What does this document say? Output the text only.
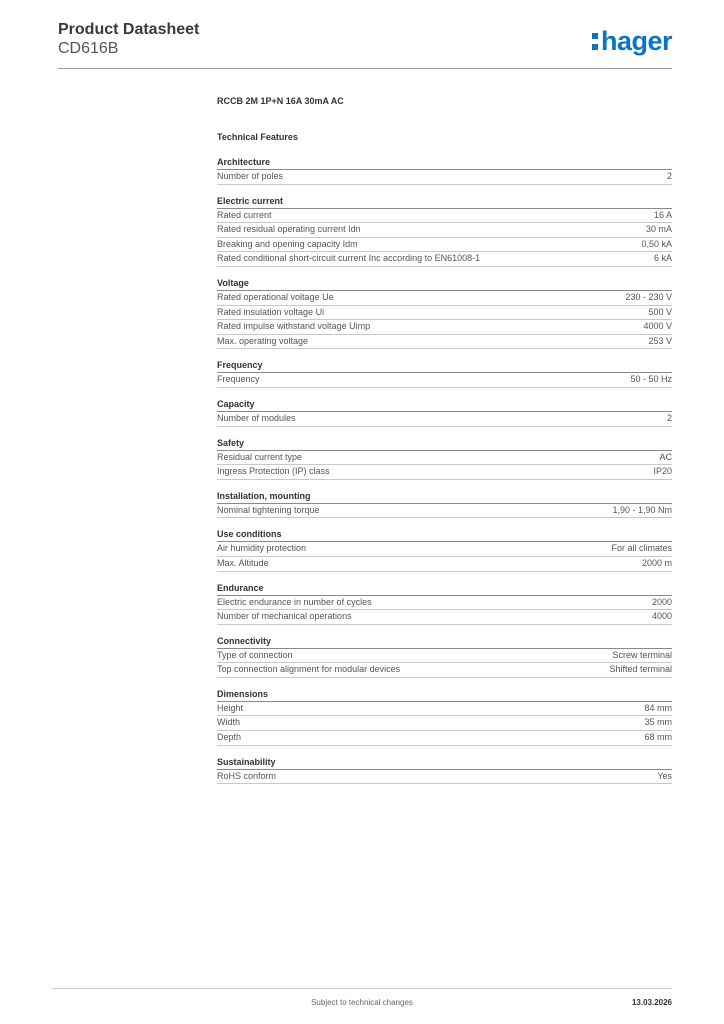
Product Datasheet
CD616B	hager
RCCB 2M 1P+N 16A 30mA AC
Technical Features
Architecture
Number of poles	2
Electric current
Rated current	16 A
Rated residual operating current Idn	30 mA
Breaking and opening capacity Idm	0,50 kA
Rated conditional short-circuit current Inc according to EN61008-1	6 kA
Voltage
Rated operational voltage Ue	230 - 230 V
Rated insulation voltage Ui	500 V
Rated impulse withstand voltage Uimp	4000 V
Max. operating voltage	253 V
Frequency
Frequency	50 - 50 Hz
Capacity
Number of modules	2
Safety
Residual current type	AC
Ingress Protection (IP) class	IP20
Installation, mounting
Nominal tightening torque	1,90 - 1,90 Nm
Use conditions
Air humidity protection	For all climates
Max. Altitude	2000 m
Endurance
Electric endurance in number of cycles	2000
Number of mechanical operations	4000
Connectivity
Type of connection	Screw terminal
Top connection alignment for modular devices	Shifted terminal
Dimensions
Height	84 mm
Width	35 mm
Depth	68 mm
Sustainability
RoHS conform	Yes
Subject to technical changes	13.03.2026
